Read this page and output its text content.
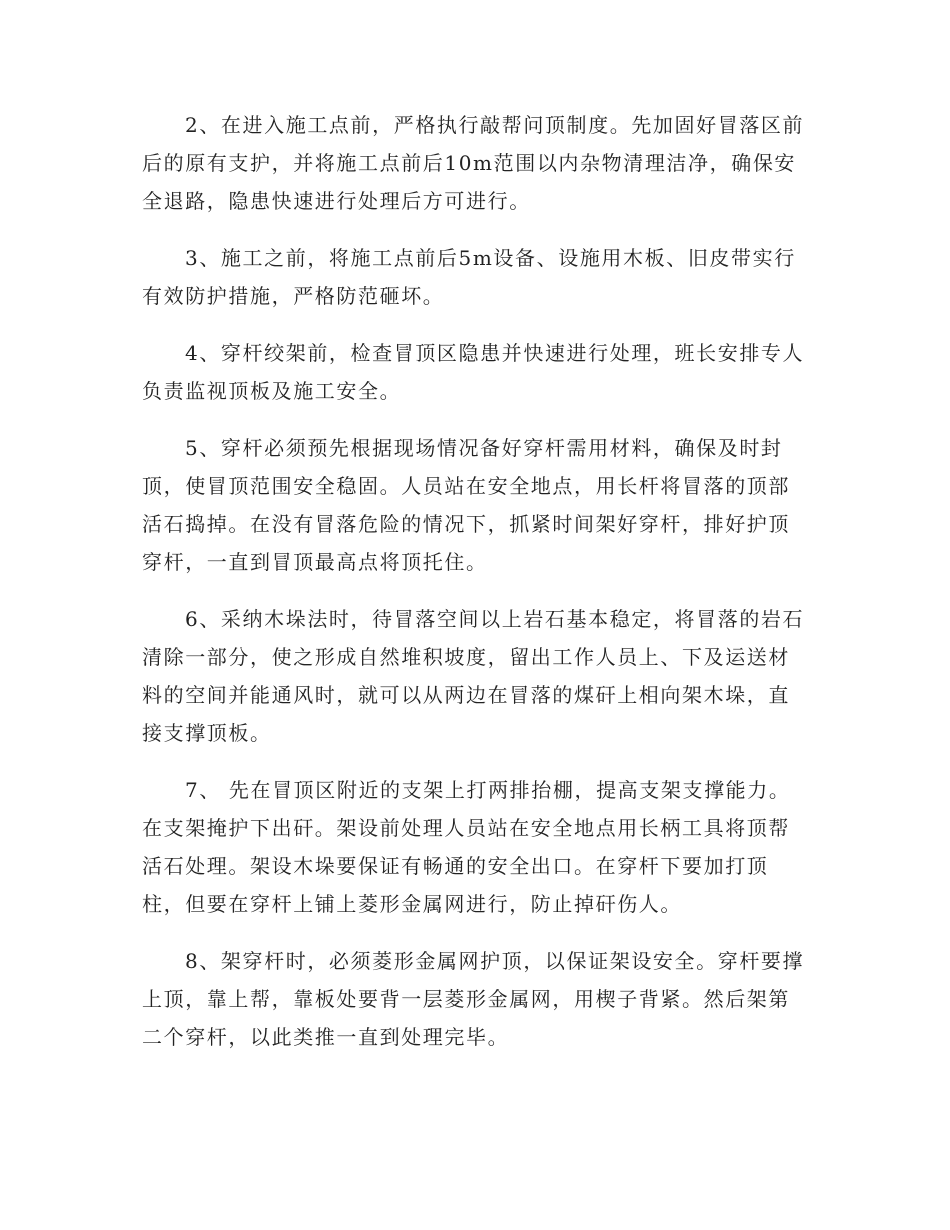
2、在进入施工点前，严格执行敲帮问顶制度。先加固好冒落区前
后的原有支护，并将施工点前后10m范围以内杂物清理洁净，确保安
全退路，隐患快速进行处理后方可进行。

3、施工之前，将施工点前后5m设备、设施用木板、旧皮带实行
有效防护措施，严格防范砸坏。

4、穿杆绞架前，检查冒顶区隐患并快速进行处理，班长安排专人
负责监视顶板及施工安全。

5、穿杆必须预先根据现场情况备好穿杆需用材料，确保及时封
顶，使冒顶范围安全稳固。人员站在安全地点，用长杆将冒落的顶部
活石捣掉。在没有冒落危险的情况下，抓紧时间架好穿杆，排好护顶
穿杆，一直到冒顶最高点将顶托住。

6、采纳木垛法时，待冒落空间以上岩石基本稳定，将冒落的岩石
清除一部分，使之形成自然堆积坡度，留出工作人员上、下及运送材
料的空间并能通风时，就可以从两边在冒落的煤矸上相向架木垛，直
接支撑顶板。

7、 先在冒顶区附近的支架上打两排抬棚，提高支架支撑能力。
在支架掩护下出矸。架设前处理人员站在安全地点用长柄工具将顶帮
活石处理。架设木垛要保证有畅通的安全出口。在穿杆下要加打顶
柱，但要在穿杆上铺上菱形金属网进行，防止掉矸伤人。

8、架穿杆时，必须菱形金属网护顶，以保证架设安全。穿杆要撑
上顶，靠上帮，靠板处要背一层菱形金属网，用楔子背紧。然后架第
二个穿杆，以此类推一直到处理完毕。
